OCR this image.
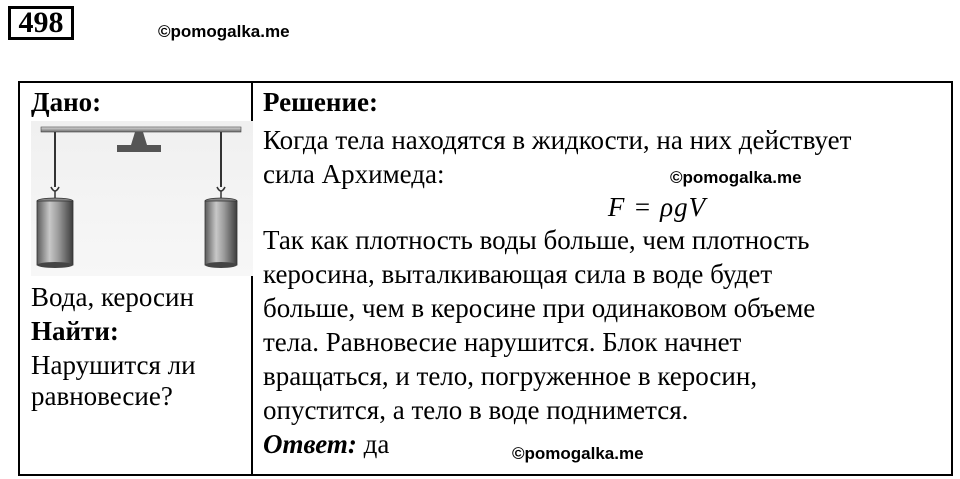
498	©pomogalka.me
Дано:
Вода, керосин
Найти:
Нарушится ли
равновесие?

Решение:
Когда тела находятся в жидкости, на них действует
сила Архимеда:
F = ρgV
Так как плотность воды больше, чем плотность
керосина, выталкивающая сила в воде будет
больше, чем в керосине при одинаковом объеме
тела. Равновесие нарушится. Блок начнет
вращаться, и тело, погруженное в керосин,
опустится, а тело в воде поднимется.
Ответ: да
©pomogalka.me
©pomogalka.me
